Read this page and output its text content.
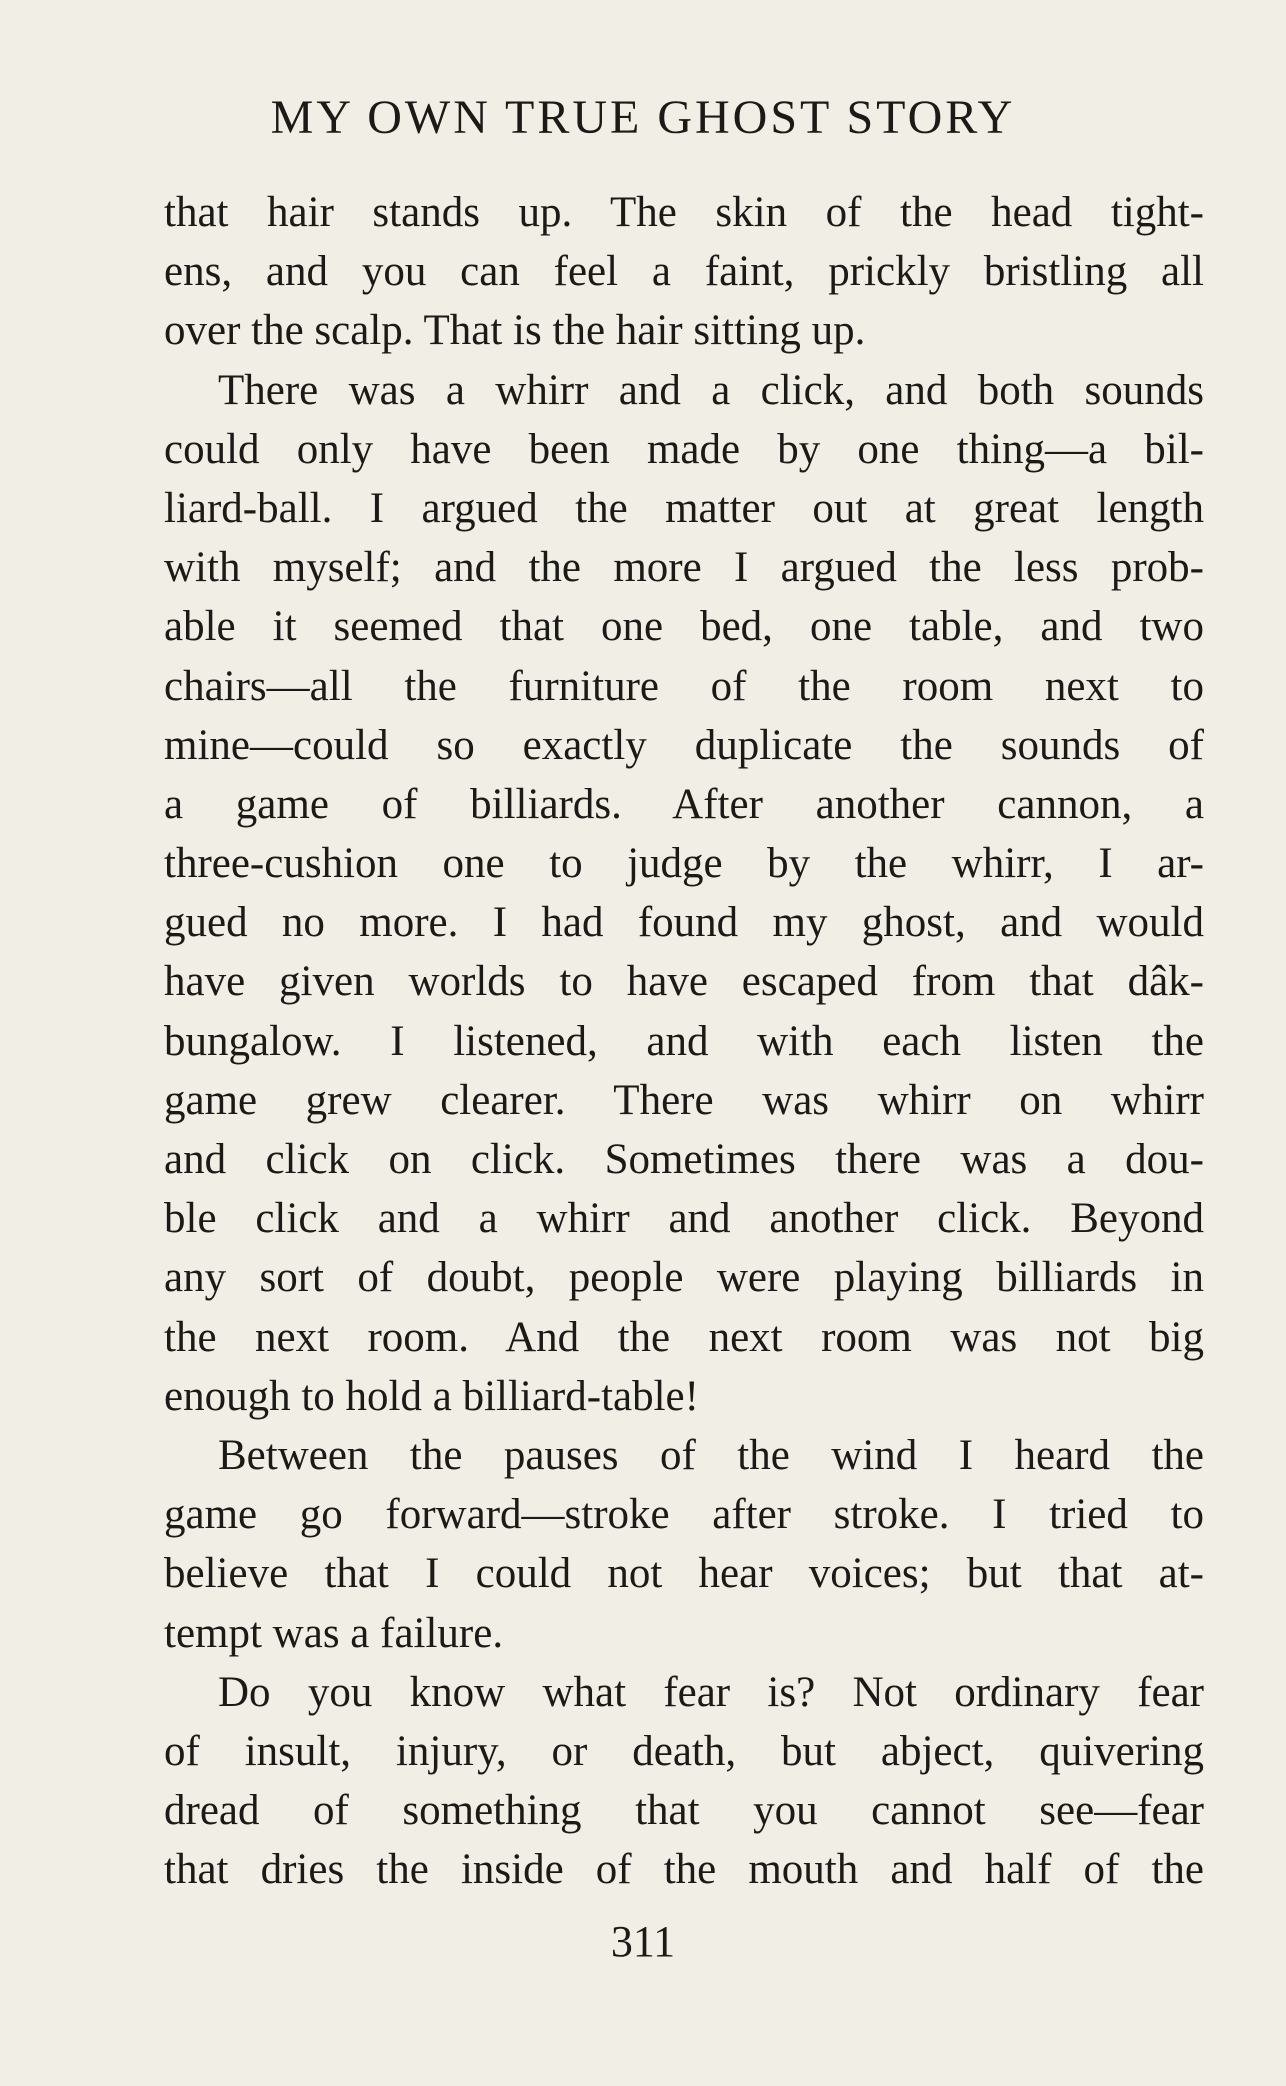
MY OWN TRUE GHOST STORY
that hair stands up. The skin of the head tight-
ens, and you can feel a faint, prickly bristling all
over the scalp. That is the hair sitting up.
There was a whirr and a click, and both sounds
could only have been made by one thing—a bil-
liard-ball. I argued the matter out at great length
with myself; and the more I argued the less prob-
able it seemed that one bed, one table, and two
chairs—all the furniture of the room next to
mine—could so exactly duplicate the sounds of
a game of billiards. After another cannon, a
three-cushion one to judge by the whirr, I ar-
gued no more. I had found my ghost, and would
have given worlds to have escaped from that dâk-
bungalow. I listened, and with each listen the
game grew clearer. There was whirr on whirr
and click on click. Sometimes there was a dou-
ble click and a whirr and another click. Beyond
any sort of doubt, people were playing billiards in
the next room. And the next room was not big
enough to hold a billiard-table!
Between the pauses of the wind I heard the
game go forward—stroke after stroke. I tried to
believe that I could not hear voices; but that at-
tempt was a failure.
Do you know what fear is? Not ordinary fear
of insult, injury, or death, but abject, quivering
dread of something that you cannot see—fear
that dries the inside of the mouth and half of the
311
